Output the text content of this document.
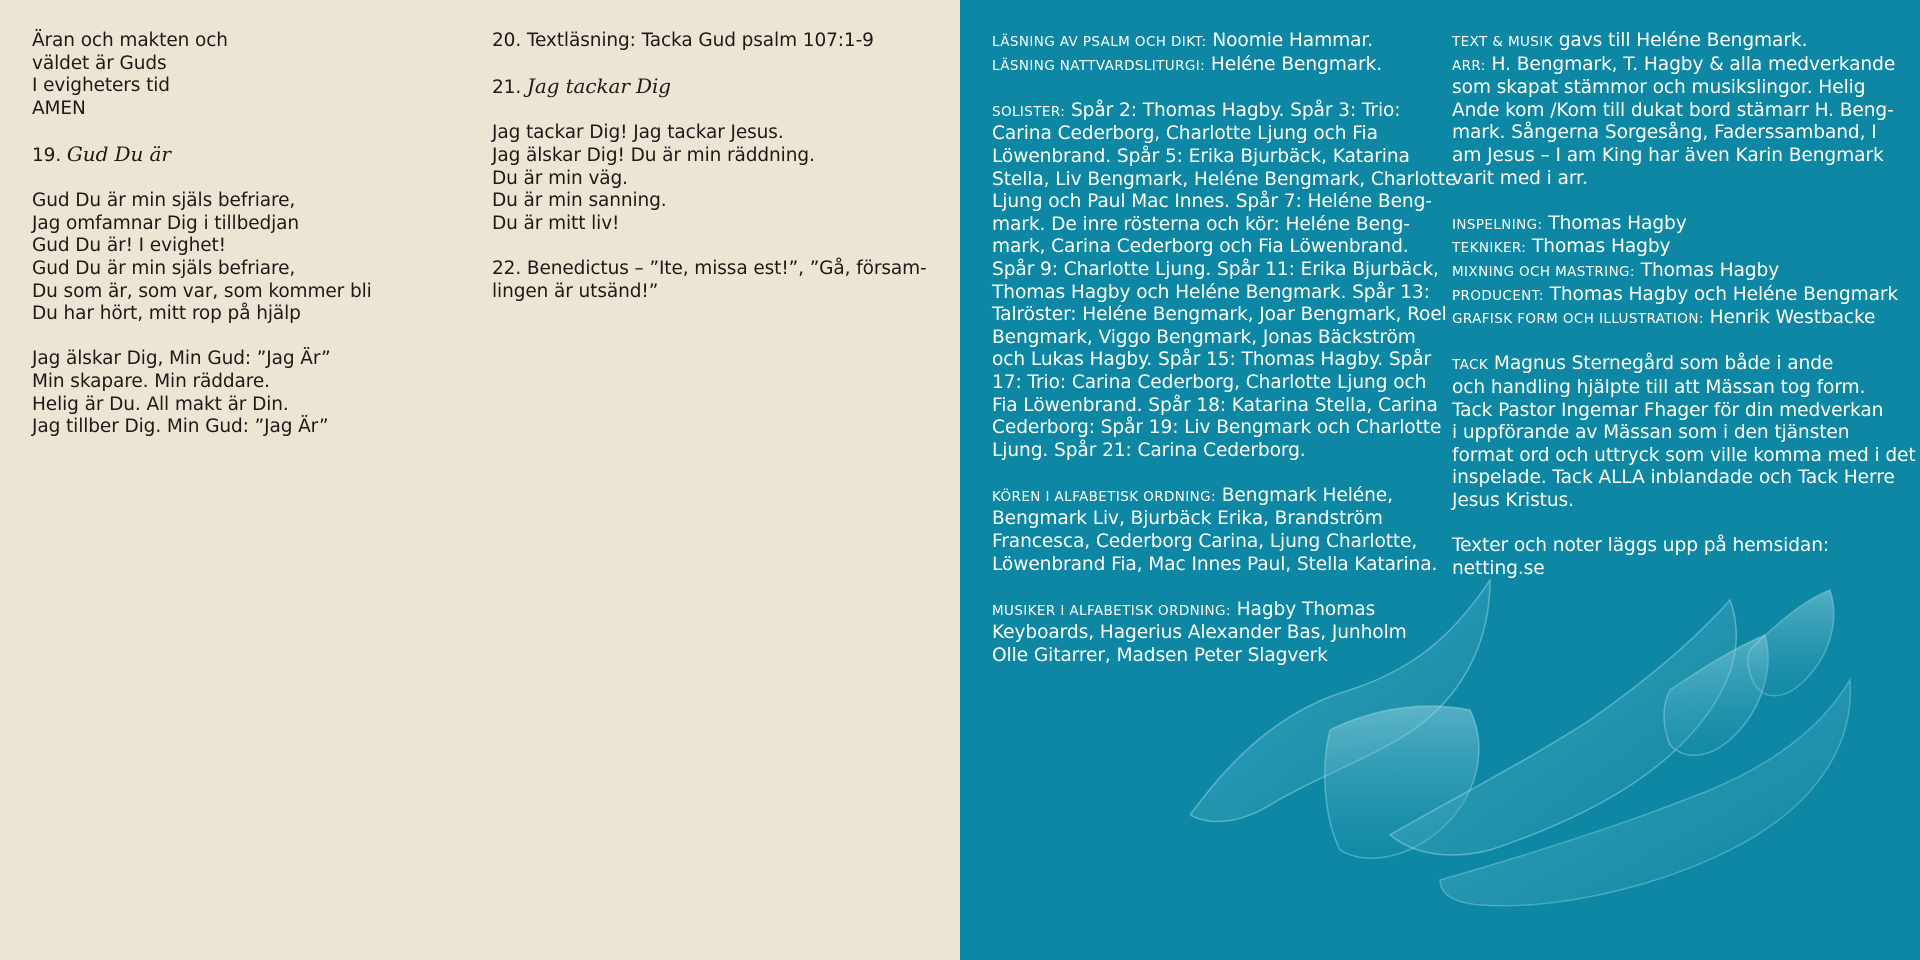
Äran och makten och
väldet är Guds
I evigheters tid
AMEN

19. Gud Du är

Gud Du är min själs befriare,
Jag omfamnar Dig i tillbedjan
Gud Du är! I evighet!
Gud Du är min själs befriare,
Du som är, som var, som kommer bli
Du har hört, mitt rop på hjälp

Jag älskar Dig, Min Gud: ”Jag Är”
Min skapare. Min räddare.
Helig är Du. All makt är Din.
Jag tillber Dig. Min Gud: ”Jag Är”

20. Textläsning: Tacka Gud psalm 107:1-9

21. Jag tackar Dig

Jag tackar Dig! Jag tackar Jesus.
Jag älskar Dig! Du är min räddning.
Du är min väg.
Du är min sanning.
Du är mitt liv!

22. Benedictus – ”Ite, missa est!”, ”Gå, försam-
lingen är utsänd!”

LÄSNING AV PSALM OCH DIKT: Noomie Hammar.
LÄSNING NATTVARDSLITURGI: Heléne Bengmark.

SOLISTER: Spår 2: Thomas Hagby. Spår 3: Trio:
Carina Cederborg, Charlotte Ljung och Fia
Löwenbrand. Spår 5: Erika Bjurbäck, Katarina
Stella, Liv Bengmark, Heléne Bengmark, Charlotte
Ljung och Paul Mac Innes. Spår 7: Heléne Beng-
mark. De inre rösterna och kör: Heléne Beng-
mark, Carina Cederborg och Fia Löwenbrand.
Spår 9: Charlotte Ljung. Spår 11: Erika Bjurbäck,
Thomas Hagby och Heléne Bengmark. Spår 13:
Talröster: Heléne Bengmark, Joar Bengmark, Roel
Bengmark, Viggo Bengmark, Jonas Bäckström
och Lukas Hagby. Spår 15: Thomas Hagby. Spår
17: Trio: Carina Cederborg, Charlotte Ljung och
Fia Löwenbrand. Spår 18: Katarina Stella, Carina
Cederborg: Spår 19: Liv Bengmark och Charlotte
Ljung. Spår 21: Carina Cederborg.

KÖREN I ALFABETISK ORDNING: Bengmark Heléne,
Bengmark Liv, Bjurbäck Erika, Brandström
Francesca, Cederborg Carina, Ljung Charlotte,
Löwenbrand Fia, Mac Innes Paul, Stella Katarina.

MUSIKER I ALFABETISK ORDNING: Hagby Thomas
Keyboards, Hagerius Alexander Bas, Junholm
Olle Gitarrer, Madsen Peter Slagverk

TEXT & MUSIK gavs till Heléne Bengmark.
ARR: H. Bengmark, T. Hagby & alla medverkande
som skapat stämmor och musikslingor. Helig
Ande kom /Kom till dukat bord stämarr H. Beng-
mark. Sångerna Sorgesång, Faderssamband, I
am Jesus – I am King har även Karin Bengmark
varit med i arr.

INSPELNING: Thomas Hagby
TEKNIKER: Thomas Hagby
MIXNING OCH MASTRING: Thomas Hagby
PRODUCENT: Thomas Hagby och Heléne Bengmark
GRAFISK FORM OCH ILLUSTRATION: Henrik Westbacke

TACK Magnus Sternegård som både i ande
och handling hjälpte till att Mässan tog form.
Tack Pastor Ingemar Fhager för din medverkan
i uppförande av Mässan som i den tjänsten
format ord och uttryck som ville komma med i det
inspelade. Tack ALLA inblandade och Tack Herre
Jesus Kristus.

Texter och noter läggs upp på hemsidan:
netting.se
